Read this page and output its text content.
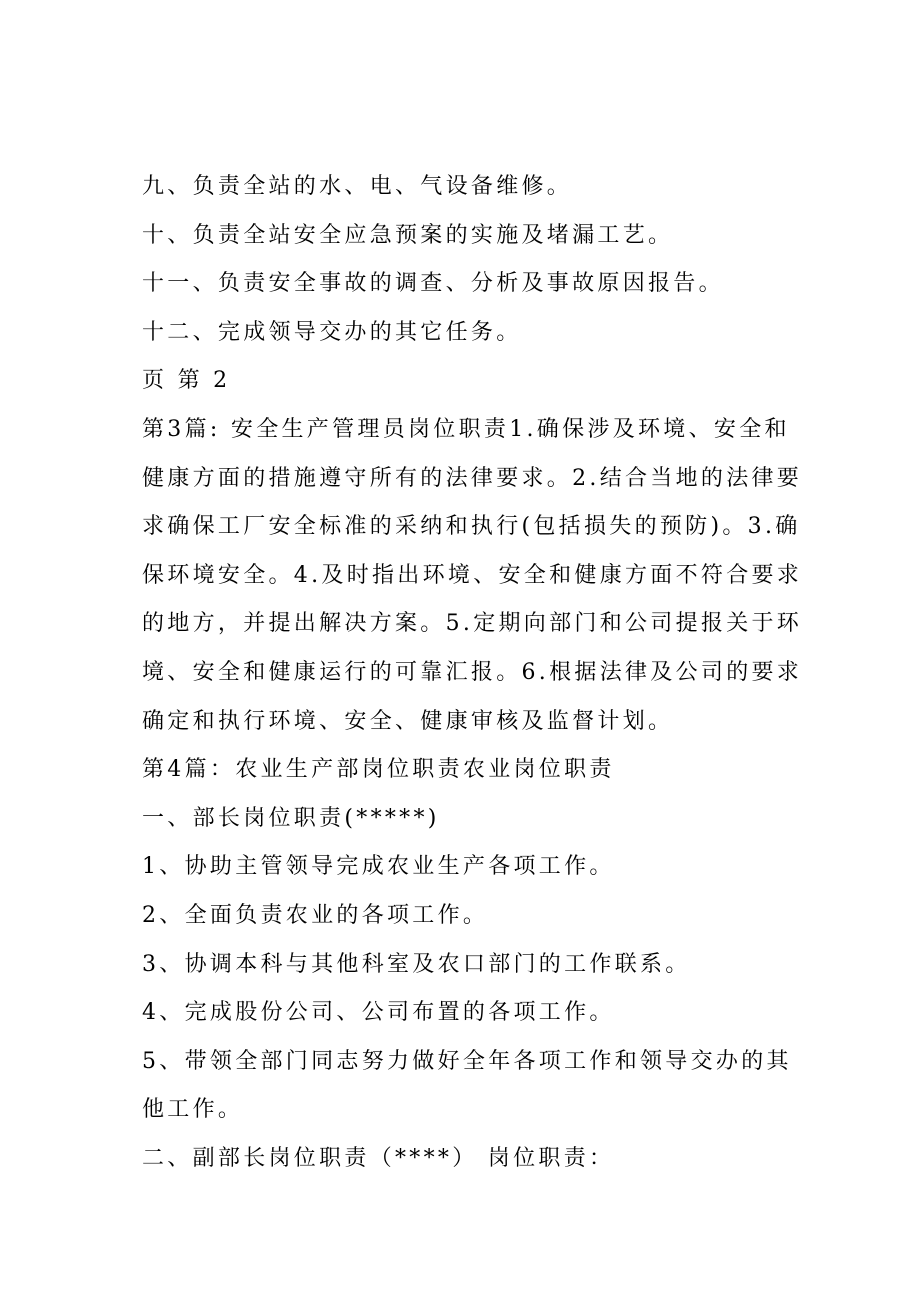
九、负责全站的水、电、气设备维修。
十、负责全站安全应急预案的实施及堵漏工艺。
十一、负责安全事故的调查、分析及事故原因报告。
十二、完成领导交办的其它任务。
页 第 2
第3篇: 安全生产管理员岗位职责1.确保涉及环境、安全和
健康方面的措施遵守所有的法律要求。2.结合当地的法律要
求确保工厂安全标准的采纳和执行(包括损失的预防)。3.确
保环境安全。4.及时指出环境、安全和健康方面不符合要求
的地方，并提出解决方案。5.定期向部门和公司提报关于环
境、安全和健康运行的可靠汇报。6.根据法律及公司的要求
确定和执行环境、安全、健康审核及监督计划。
第4篇：农业生产部岗位职责农业岗位职责
一、部长岗位职责(*****)
1、协助主管领导完成农业生产各项工作。
2、全面负责农业的各项工作。
3、协调本科与其他科室及农口部门的工作联系。
4、完成股份公司、公司布置的各项工作。
5、带领全部门同志努力做好全年各项工作和领导交办的其
他工作。
二、副部长岗位职责（****） 岗位职责：
